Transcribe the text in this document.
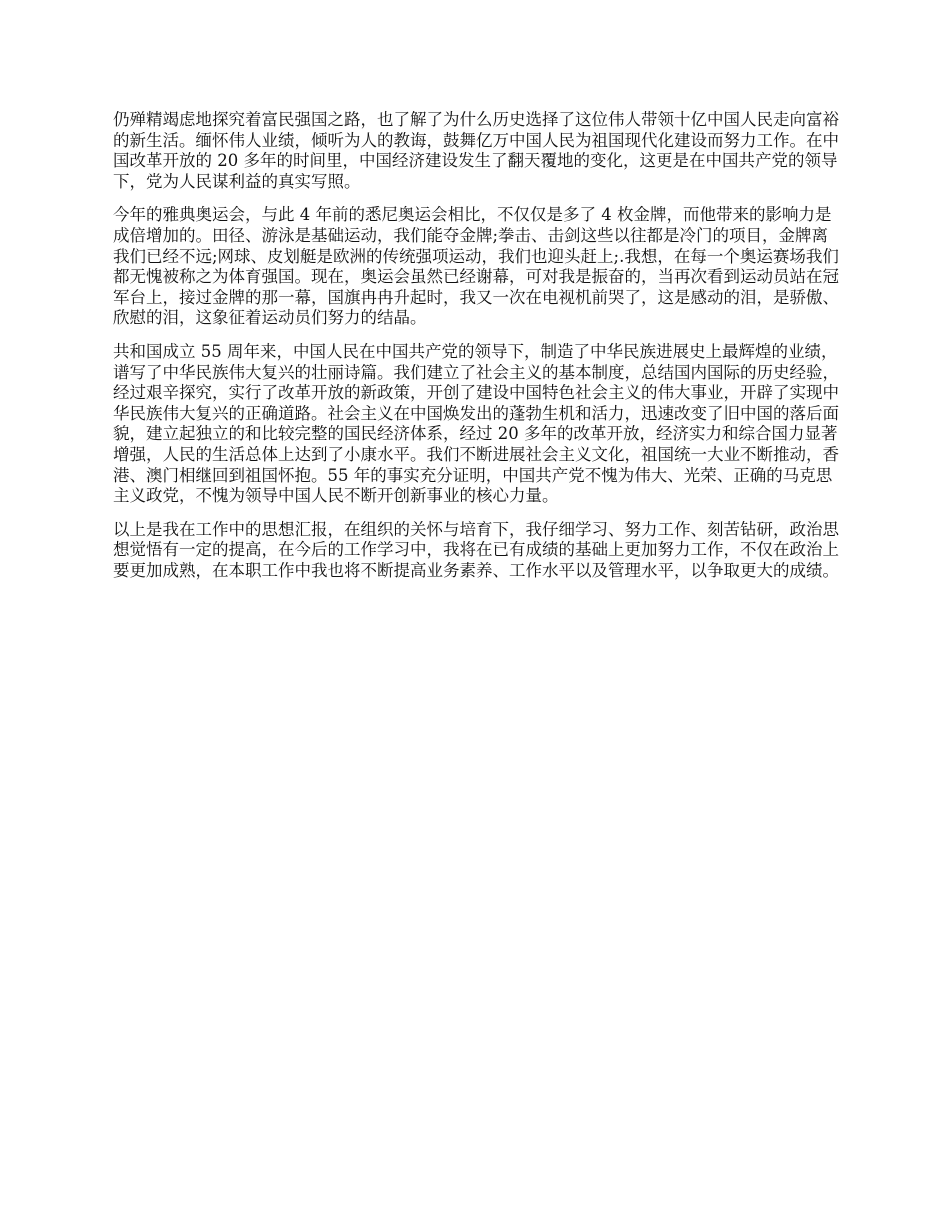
仍殚精竭虑地探究着富民强国之路，也了解了为什么历史选择了这位伟人带领十亿中国人民走向富裕的新生活。缅怀伟人业绩，倾听为人的教诲，鼓舞亿万中国人民为祖国现代化建设而努力工作。在中国改革开放的 20 多年的时间里，中国经济建设发生了翻天覆地的变化，这更是在中国共产党的领导下，党为人民谋利益的真实写照。

今年的雅典奥运会，与此 4 年前的悉尼奥运会相比，不仅仅是多了 4 枚金牌，而他带来的影响力是成倍增加的。田径、游泳是基础运动，我们能夺金牌;拳击、击剑这些以往都是冷门的项目，金牌离我们已经不远;网球、皮划艇是欧洲的传统强项运动，我们也迎头赶上;.我想，在每一个奥运赛场我们都无愧被称之为体育强国。现在，奥运会虽然已经谢幕，可对我是振奋的，当再次看到运动员站在冠军台上，接过金牌的那一幕，国旗冉冉升起时，我又一次在电视机前哭了，这是感动的泪，是骄傲、欣慰的泪，这象征着运动员们努力的结晶。

共和国成立 55 周年来，中国人民在中国共产党的领导下，制造了中华民族进展史上最辉煌的业绩，谱写了中华民族伟大复兴的壮丽诗篇。我们建立了社会主义的基本制度，总结国内国际的历史经验，经过艰辛探究，实行了改革开放的新政策，开创了建设中国特色社会主义的伟大事业，开辟了实现中华民族伟大复兴的正确道路。社会主义在中国焕发出的蓬勃生机和活力，迅速改变了旧中国的落后面貌，建立起独立的和比较完整的国民经济体系，经过 20 多年的改革开放，经济实力和综合国力显著增强，人民的生活总体上达到了小康水平。我们不断进展社会主义文化，祖国统一大业不断推动，香港、澳门相继回到祖国怀抱。55 年的事实充分证明，中国共产党不愧为伟大、光荣、正确的马克思主义政党，不愧为领导中国人民不断开创新事业的核心力量。

以上是我在工作中的思想汇报，在组织的关怀与培育下，我仔细学习、努力工作、刻苦钻研，政治思想觉悟有一定的提高，在今后的工作学习中，我将在已有成绩的基础上更加努力工作，不仅在政治上要更加成熟，在本职工作中我也将不断提高业务素养、工作水平以及管理水平，以争取更大的成绩。
